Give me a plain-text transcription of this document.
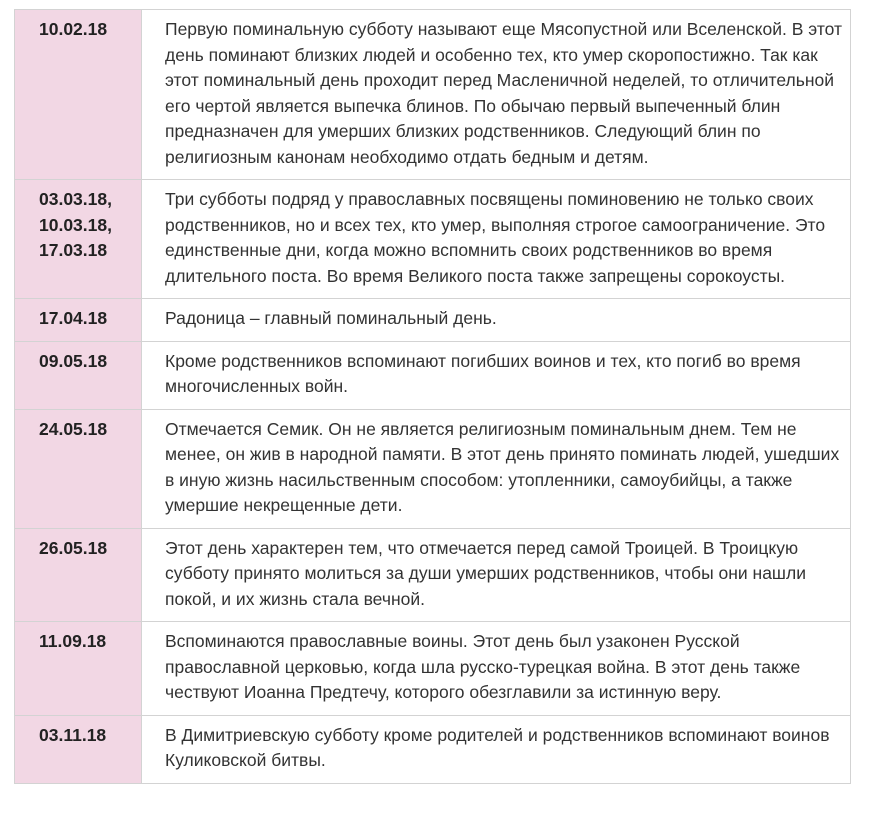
10.02.18	Первую поминальную субботу называют еще Мясопустной или Вселенской. В этот день поминают близких людей и особенно тех, кто умер скоропостижно. Так как этот поминальный день проходит перед Масленичной неделей, то отличительной его чертой является выпечка блинов. По обычаю первый выпеченный блин предназначен для умерших близких родственников. Следующий блин по религиозным канонам необходимо отдать бедным и детям.
03.03.18, 10.03.18, 17.03.18	Три субботы подряд у православных посвящены поминовению не только своих родственников, но и всех тех, кто умер, выполняя строгое самоограничение. Это единственные дни, когда можно вспомнить своих родственников во время длительного поста. Во время Великого поста также запрещены сорокоусты.
17.04.18	Радоница – главный поминальный день.
09.05.18	Кроме родственников вспоминают погибших воинов и тех, кто погиб во время многочисленных войн.
24.05.18	Отмечается Семик. Он не является религиозным поминальным днем. Тем не менее, он жив в народной памяти. В этот день принято поминать людей, ушедших в иную жизнь насильственным способом: утопленники, самоубийцы, а также умершие некрещенные дети.
26.05.18	Этот день характерен тем, что отмечается перед самой Троицей. В Троицкую субботу принято молиться за души умерших родственников, чтобы они нашли покой, и их жизнь стала вечной.
11.09.18	Вспоминаются православные воины. Этот день был узаконен Русской православной церковью, когда шла русско-турецкая война. В этот день также чествуют Иоанна Предтечу, которого обезглавили за истинную веру.
03.11.18	В Димитриевскую субботу кроме родителей и родственников вспоминают воинов Куликовской битвы.
